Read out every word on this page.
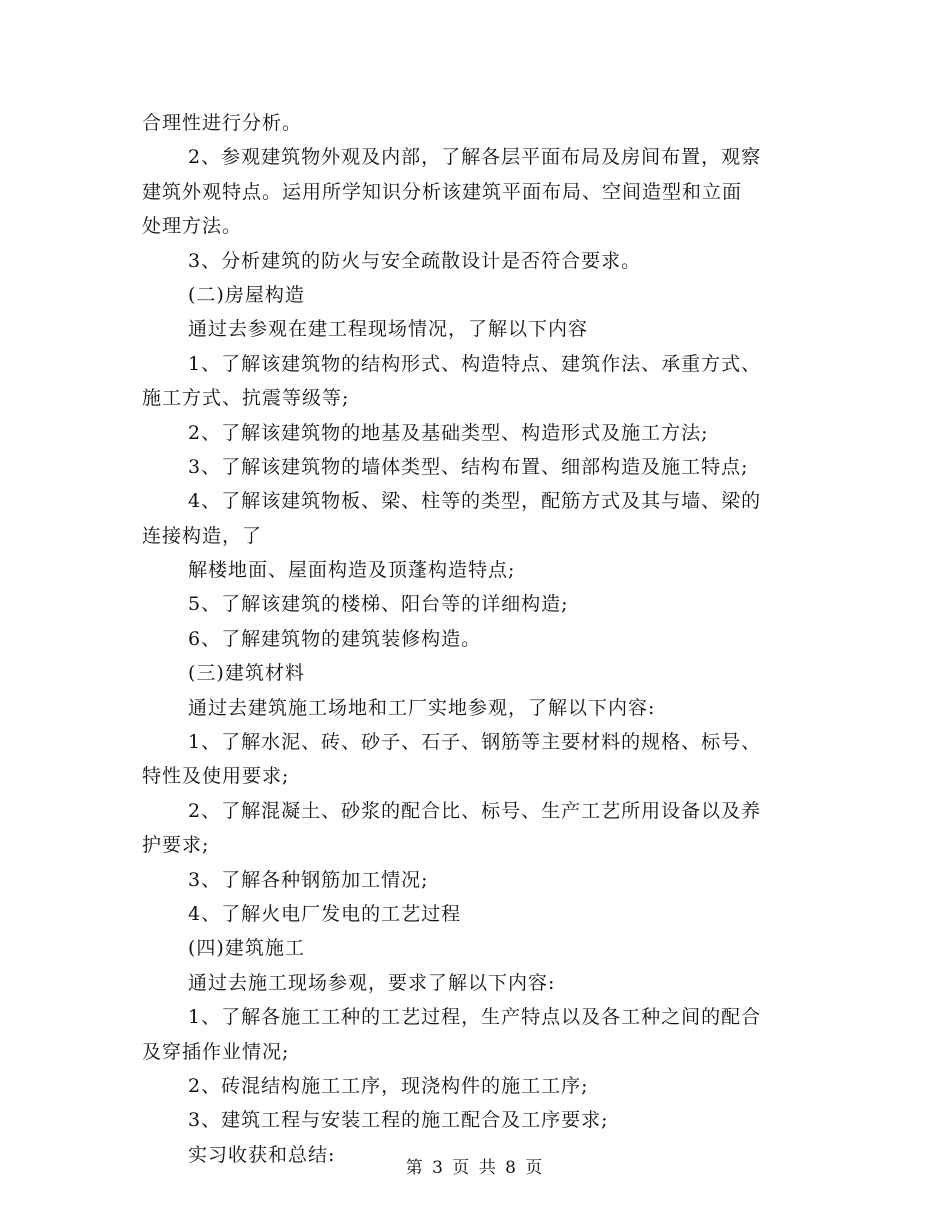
合理性进行分析。
2、参观建筑物外观及内部，了解各层平面布局及房间布置，观察
建筑外观特点。运用所学知识分析该建筑平面布局、空间造型和立面
处理方法。
3、分析建筑的防火与安全疏散设计是否符合要求。
(二)房屋构造
通过去参观在建工程现场情况，了解以下内容
1、了解该建筑物的结构形式、构造特点、建筑作法、承重方式、
施工方式、抗震等级等;
2、了解该建筑物的地基及基础类型、构造形式及施工方法;
3、了解该建筑物的墙体类型、结构布置、细部构造及施工特点;
4、了解该建筑物板、梁、柱等的类型，配筋方式及其与墙、梁的
连接构造，了
解楼地面、屋面构造及顶蓬构造特点;
5、了解该建筑的楼梯、阳台等的详细构造;
6、了解建筑物的建筑装修构造。
(三)建筑材料
通过去建筑施工场地和工厂实地参观，了解以下内容:
1、了解水泥、砖、砂子、石子、钢筋等主要材料的规格、标号、
特性及使用要求;
2、了解混凝土、砂浆的配合比、标号、生产工艺所用设备以及养
护要求;
3、了解各种钢筋加工情况;
4、了解火电厂发电的工艺过程
(四)建筑施工
通过去施工现场参观，要求了解以下内容:
1、了解各施工工种的工艺过程，生产特点以及各工种之间的配合
及穿插作业情况;
2、砖混结构施工工序，现浇构件的施工工序;
3、建筑工程与安装工程的施工配合及工序要求;
实习收获和总结:
第 3 页 共 8 页
